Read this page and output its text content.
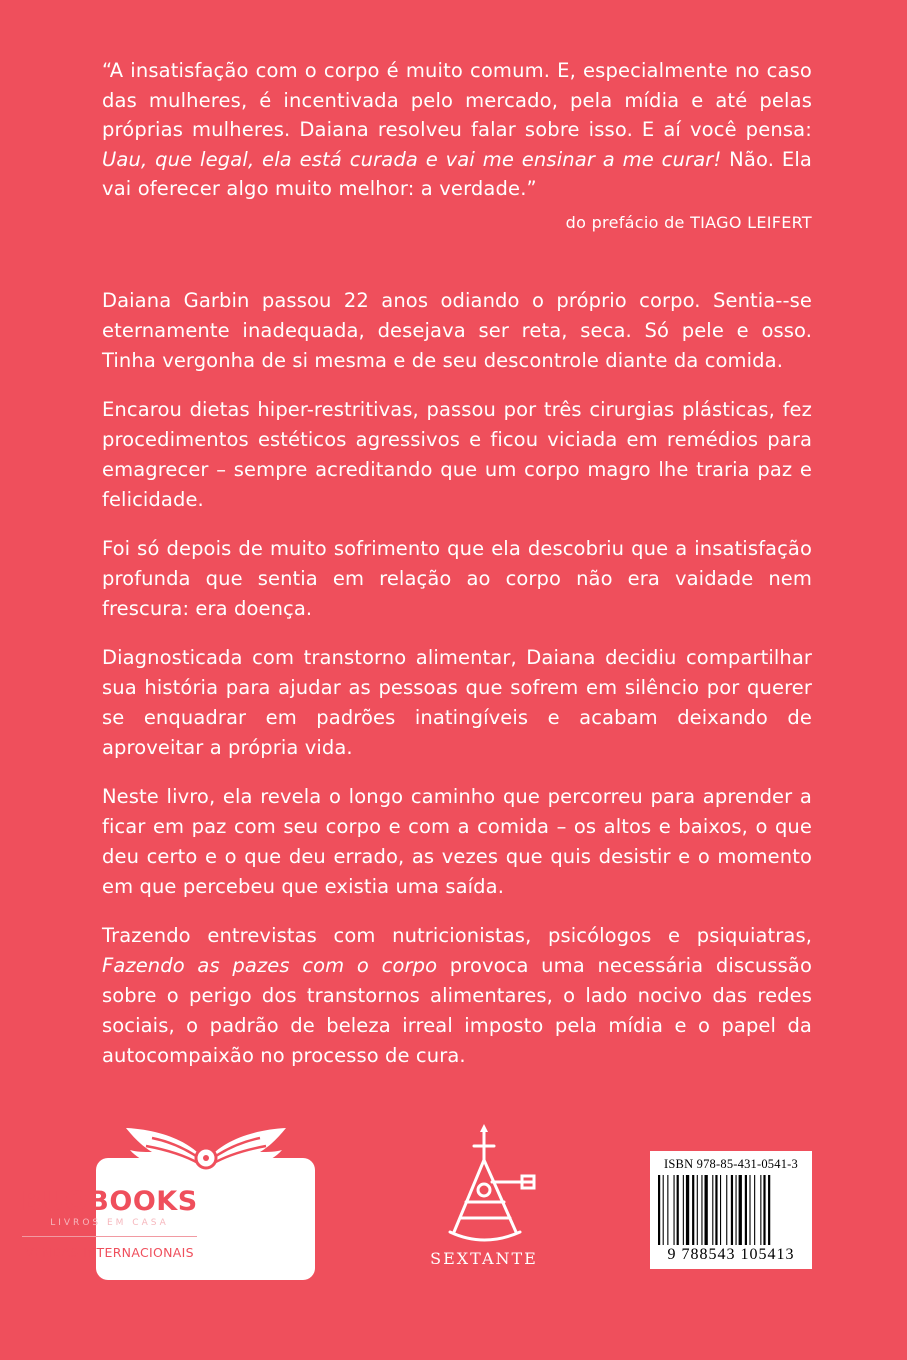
“A insatisfação com o corpo é muito comum. E, especialmente no caso das mulheres, é incentivada pelo mercado, pela mídia e até pelas próprias mulheres. Daiana resolveu falar sobre isso. E aí você pensa: Uau, que legal, ela está curada e vai me ensinar a me curar! Não. Ela vai oferecer algo muito melhor: a verdade.”

do prefácio de TIAGO LEIFERT

Daiana Garbin passou 22 anos odiando o próprio corpo. Sentia--se eternamente inadequada, desejava ser reta, seca. Só pele e osso. Tinha vergonha de si mesma e de seu descontrole diante da comida.

Encarou dietas hiper-restritivas, passou por três cirurgias plásticas, fez procedimentos estéticos agressivos e ficou viciada em remédios para emagrecer – sempre acreditando que um corpo magro lhe traria paz e felicidade.

Foi só depois de muito sofrimento que ela descobriu que a insatisfação profunda que sentia em relação ao corpo não era vaidade nem frescura: era doença.

Diagnosticada com transtorno alimentar, Daiana decidiu compartilhar sua história para ajudar as pessoas que sofrem em silêncio por querer se enquadrar em padrões inatingíveis e acabam deixando de aproveitar a própria vida.

Neste livro, ela revela o longo caminho que percorreu para aprender a ficar em paz com seu corpo e com a comida – os altos e baixos, o que deu certo e o que deu errado, as vezes que quis desistir e o momento em que percebeu que existia uma saída.

Trazendo entrevistas com nutricionistas, psicólogos e psiquiatras, Fazendo as pazes com o corpo provoca uma necessária discussão sobre o perigo dos transtornos alimentares, o lado nocivo das redes sociais, o padrão de beleza irreal imposto pela mídia e o papel da autocompaixão no processo de cura.

BUOBOOKS
LIVROS EM CASA
VENDAS INTERNACIONAIS	SEXTANTE
ISBN 978-85-431-0541-3
9 788543 105413
